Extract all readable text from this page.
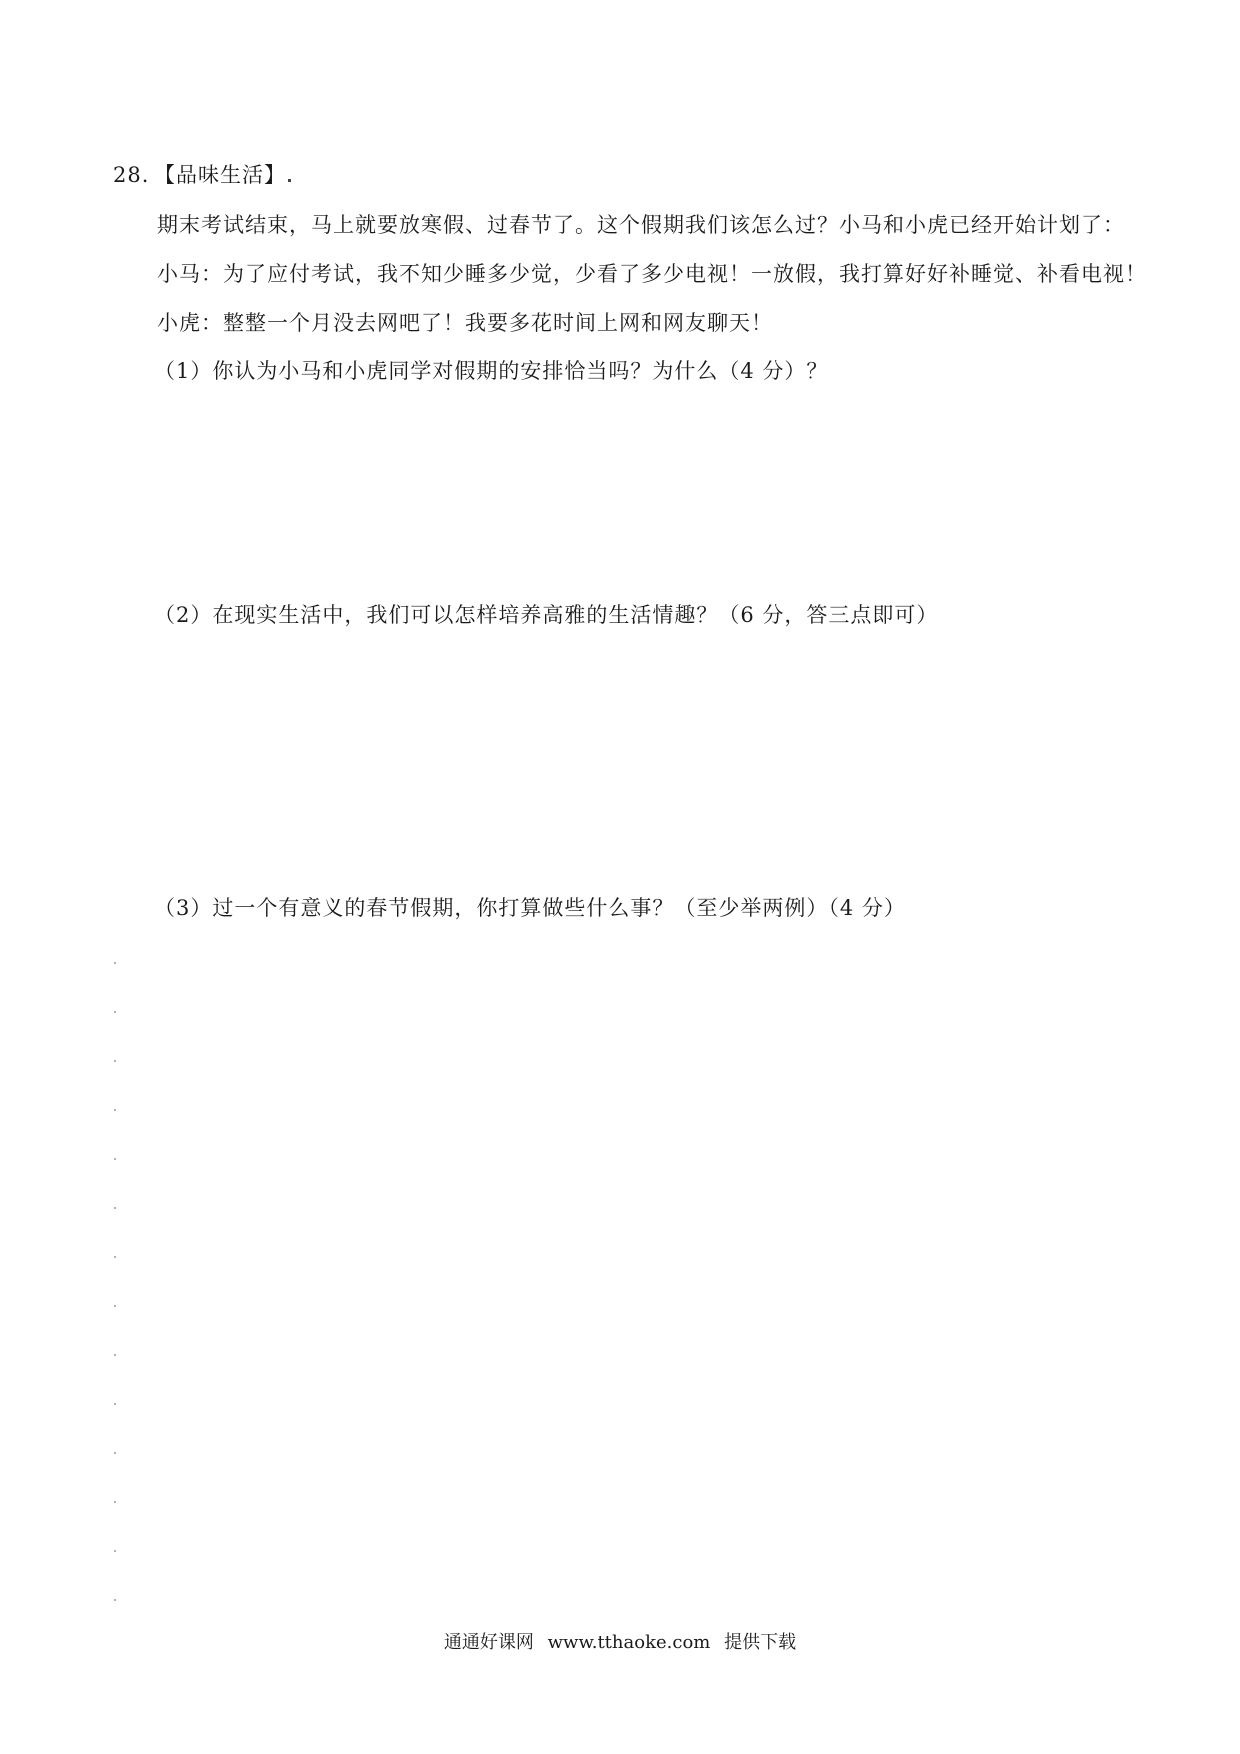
28. 【品味生活】
期末考试结束，马上就要放寒假、过春节了。这个假期我们该怎么过？小马和小虎已经开始计划了：
小马：为了应付考试，我不知少睡多少觉，少看了多少电视！一放假，我打算好好补睡觉、补看电视！
小虎：整整一个月没去网吧了！我要多花时间上网和网友聊天！
（1）你认为小马和小虎同学对假期的安排恰当吗？为什么（4 分）？
（2）在现实生活中，我们可以怎样培养高雅的生活情趣？（6 分，答三点即可）
（3）过一个有意义的春节假期，你打算做些什么事？（至少举两例）（4 分）
通通好课网 www.tthaoke.com 提供下载
